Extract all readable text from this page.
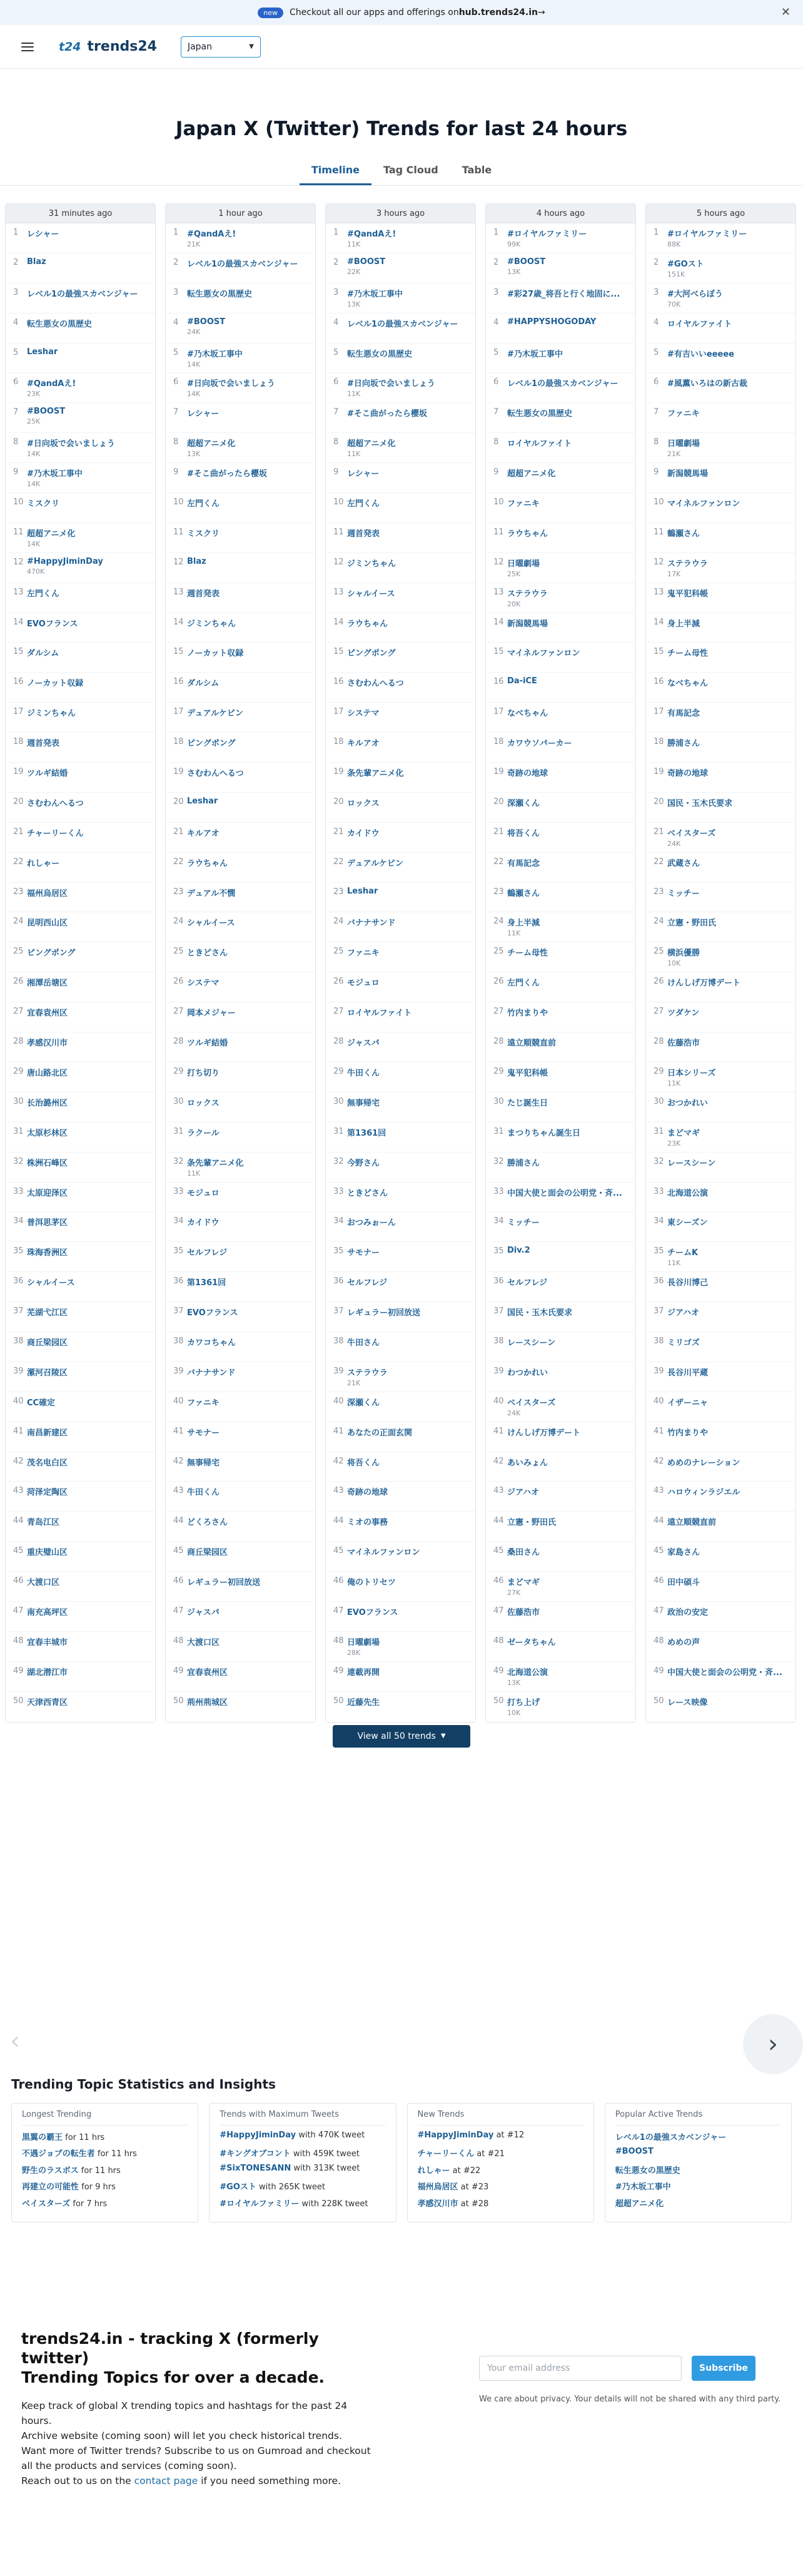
new	Checkout all our apps and offerings on hub.trends24.in →	✕
t24 trends24	Japan	▼
Japan X (Twitter) Trends for last 24 hours
Timeline	Tag Cloud	Table
31 minutes ago
1	レシャー
2	Blaz
3	レベル1の最強スカベンジャー
4	転生悪女の黒歴史
5	Leshar
6	#QandAえ!
23K
7	#BOOST
25K
8	#日向坂で会いましょう
14K
9	#乃木坂工事中
14K
10 ミスクリ
11 超超アニメ化
14K
12 #HappyJiminDay
470K
13 左門くん
14 EVOフランス
15 ダルシム
16 ノーカット収録
17 ジミンちゃん
18 週首発表
19 ツルギ結婚
20 さむわんへるつ
21 チャーリーくん
22 れしゃー
23 福州烏居区
24 昆明西山区
25 ピングポング
26 湘潭岳塘区
27 宜春袁州区
28 孝感汉川市
29 唐山路北区
30 长治潞州区
31 太原杉林区
32 株洲石峰区
33 太原迎泽区
34 普洱思茅区
35 珠海香洲区
36 シャルイース
37 芜湖弋江区
38 商丘梁园区
39 漯河召陵区
40 CC確定
41 南昌新建区
42 茂名电白区
43 菏泽定陶区
44 青岛江区
45 重庆璧山区
46 大渡口区
47 南充高坪区
48 宜春丰城市
49 湖北潜江市
50 天津西青区
1 hour ago
1	#QandAえ!
21K
2	レベル1の最強スカベンジャー
3	転生悪女の黒歴史
4	#BOOST
24K
5	#乃木坂工事中
14K
6	#日向坂で会いましょう
14K
7	レシャー
8	超超アニメ化
13K
9	#そこ曲がったら櫻坂
10 左門くん
11 ミスクリ
12 Blaz
13 週首発表
14 ジミンちゃん
15 ノーカット収録
16 ダルシム
17 デュアルケビン
18 ピングポング
19 さむわんへるつ
20 Leshar
21 キルアオ
22 ラウちゃん
23 デュアル不憫
24 シャルイース
25 ときどさん
26 システマ
27 岡本メジャー
28 ツルギ結婚
29 打ち切り
30 ロックス
31 ラクール
32 条先輩アニメ化
11K
33 モジュロ
34 カイドウ
35 セルフレジ
36 第1361回
37 EVOフランス
38 カワコちゃん
39 バナナサンド
40 ファニキ
41 サモナー
42 無事帰宅
43 牛田くん
44 どくろさん
45 商丘梁园区
46 レギュラー初回放送
47 ジャスパ
48 大渡口区
49 宜春袁州区
50 荊州荊城区
3 hours ago
1	#QandAえ!
11K
2	#BOOST
22K
3	#乃木坂工事中
13K
4	レベル1の最強スカベンジャー
5	転生悪女の黒歴史
6	#日向坂で会いましょう
11K
7	#そこ曲がったら櫻坂
8	超超アニメ化
11K
9	レシャー
10 左門くん
11 週首発表
12 ジミンちゃん
13 シャルイース
14 ラウちゃん
15 ピングポング
16 さむわんへるつ
17 システマ
18 キルアオ
19 条先輩アニメ化
20 ロックス
21 カイドウ
22 デュアルケビン
23 Leshar
24 バナナサンド
25 ファニキ
26 モジュロ
27 ロイヤルファイト
28 ジャスパ
29 牛田くん
30 無事帰宅
31 第1361回
32 今野さん
33 ときどさん
34 おつみぉーん
35 サモナー
36 セルフレジ
37 レギュラー初回放送
38 牛田さん
39 ステラウラ
21K
40 深瀬くん
41 あなたの正面玄関
42 将吾くん
43 奇跡の地球
44 ミオの事務
45 マイネルファンロン
46 俺のトリセツ
47 EVOフランス
48 日曜劇場
28K
49 連載再開
50 近藤先生
4 hours ago
1	#ロイヤルファミリー
99K
2	#BOOST
13K
3	#彩27歳_将吾と行く地固に...
4	#HAPPYSHOGODAY
5	#乃木坂工事中
6	レベル1の最強スカベンジャー
7	転生悪女の黒歴史
8	ロイヤルファイト
9	超超アニメ化
10 ファニキ
11 ラウちゃん
12 日曜劇場
25K
13 ステラウラ
20K
14 新潟競馬場
15 マイネルファンロン
16 Da-iCE
17 なべちゃん
18 カワウソパーカー
19 奇跡の地球
20 深瀬くん
21 将吾くん
22 有馬記念
23 鶴瀬さん
24 身上半減
11K
25 チーム母性
26 左門くん
27 竹内まりや
28 遠立順競直前
29 鬼平犯科帳
30 たじ誕生日
31 まつりちゃん誕生日
32 勝浦さん
33 中国大使と面会の公明党・斉...
34 ミッチー
35 Div.2
36 セルフレジ
37 国民・玉木氏要求
38 レースシーン
39 わつかれい
40 ベイスターズ
24K
41 けんしげ万博デート
42 あいみょん
43 ジアハオ
44 立憲・野田氏
45 桑田さん
46 まどマギ
27K
47 佐藤浩市
48 ゼータちゃん
49 北海道公演
13K
50 打ち上げ
10K
5 hours ago
1	#ロイヤルファミリー
88K
2	#GOスト
151K
3	#大河べらぼう
70K
4	ロイヤルファイト
5	#有吉いいeeeee
6	#風薫いろはの新古裁
7	ファニキ
8	日曜劇場
21K
9	新潟競馬場
10 マイネルファンロン
11 鶴瀬さん
12 ステラウラ
17K
13 鬼平犯科帳
14 身上半減
15 チーム母性
16 なべちゃん
17 有馬記念
18 勝浦さん
19 奇跡の地球
20 国民・玉木氏要求
21 ベイスターズ
24K
22 武蔵さん
23 ミッチー
24 立憲・野田氏
25 横浜優勝
10K
26 けんしげ万博デート
27 ツダケン
28 佐藤浩市
29 日本シリーズ
11K
30 おつかれい
31 まどマギ
23K
32 レースシーン
33 北海道公演
34 東シーズン
35 チームK
11K
36 長谷川博己
37 ジアハオ
38 ミリゴズ
39 長谷川平蔵
40 イザーニャ
41 竹内まりや
42 めめのナレーション
43 ハロウィンラジエル
44 遠立順競直前
45 家島さん
46 田中碩斗
47 政治の安定
48 めめの声
49 中国大使と面会の公明党・斉...
50 レース映像
View all 50 trends ▼
‹	›
Trending Topic Statistics and Insights
Longest Trending
黒翼の覇王 for 11 hrs
不遇ジョブの転生者 for 11 hrs
野生のラスボス for 11 hrs
再建立の可能性 for 9 hrs
ベイスターズ for 7 hrs
Trends with Maximum Tweets
#HappyJiminDay with 470K tweet
#キングオブコント with 459K tweet
#SixTONESANN with 313K tweet
#GOスト with 265K tweet
#ロイヤルファミリー with 228K tweet
New Trends
#HappyJiminDay at #12
チャーリーくん at #21
れしゃー at #22
福州烏居区 at #23
孝感汉川市 at #28
Popular Active Trends
レベル1の最強スカベンジャー
#BOOST
転生悪女の黒歴史
#乃木坂工事中
超超アニメ化
trends24.in - tracking X (formerly twitter)
Trending Topics for over a decade.

Keep track of global X trending topics and hashtags for the past 24 hours.
Archive website (coming soon) will let you check historical trends.
Want more of Twitter trends? Subscribe to us on Gumroad and checkout all the products and services (coming soon).
Reach out to us on the contact page if you need something more.

Your email address	Subscribe
We care about privacy. Your details will not be shared with any third party.
